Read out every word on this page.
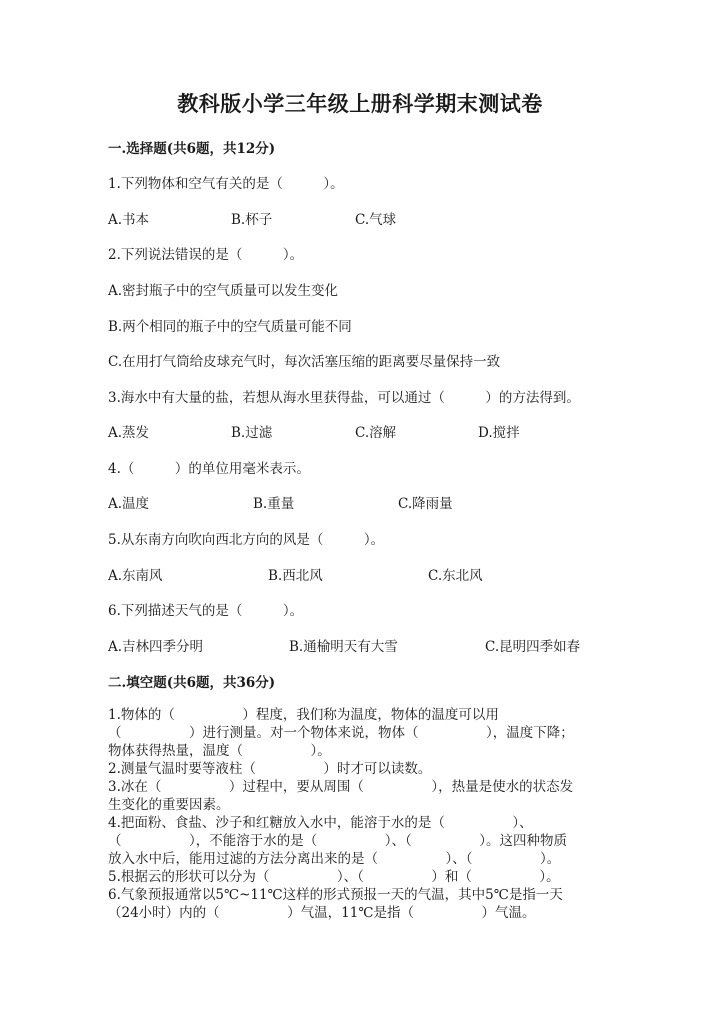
教科版小学三年级上册科学期末测试卷
一.选择题(共6题，共12分)
1.下列物体和空气有关的是（　　　）。
A.书本	B.杯子	C.气球
2.下列说法错误的是（　　　）。
A.密封瓶子中的空气质量可以发生变化
B.两个相同的瓶子中的空气质量可能不同
C.在用打气筒给皮球充气时，每次活塞压缩的距离要尽量保持一致
3.海水中有大量的盐，若想从海水里获得盐，可以通过（　　　）的方法得到。
A.蒸发	B.过滤	C.溶解	D.搅拌
4.（　　　）的单位用毫米表示。
A.温度	B.重量	C.降雨量
5.从东南方向吹向西北方向的风是（　　　）。
A.东南风	B.西北风	C.东北风
6.下列描述天气的是（　　　）。
A.吉林四季分明	B.通榆明天有大雪	C.昆明四季如春
二.填空题(共6题，共36分)
1.物体的（　　　　　）程度，我们称为温度，物体的温度可以用
（　　　　　）进行测量。对一个物体来说，物体（　　　　　），温度下降；
物体获得热量，温度（　　　　　）。
2.测量气温时要等液柱（　　　　　）时才可以读数。
3.冰在（　　　　　）过程中，要从周围（　　　　　），热量是使水的状态发
生变化的重要因素。
4.把面粉、食盐、沙子和红糖放入水中，能溶于水的是（　　　　　）、
（　　　　　），不能溶于水的是（　　　　　）、（　　　　　）。这四种物质
放入水中后，能用过滤的方法分离出来的是（　　　　　）、（　　　　　）。
5.根据云的形状可以分为（　　　　　）、（　　　　　）和（　　　　　）。
6.气象预报通常以5℃~11℃这样的形式预报一天的气温，其中5℃是指一天
（24小时）内的（　　　　　）气温，11℃是指（　　　　　）气温。
